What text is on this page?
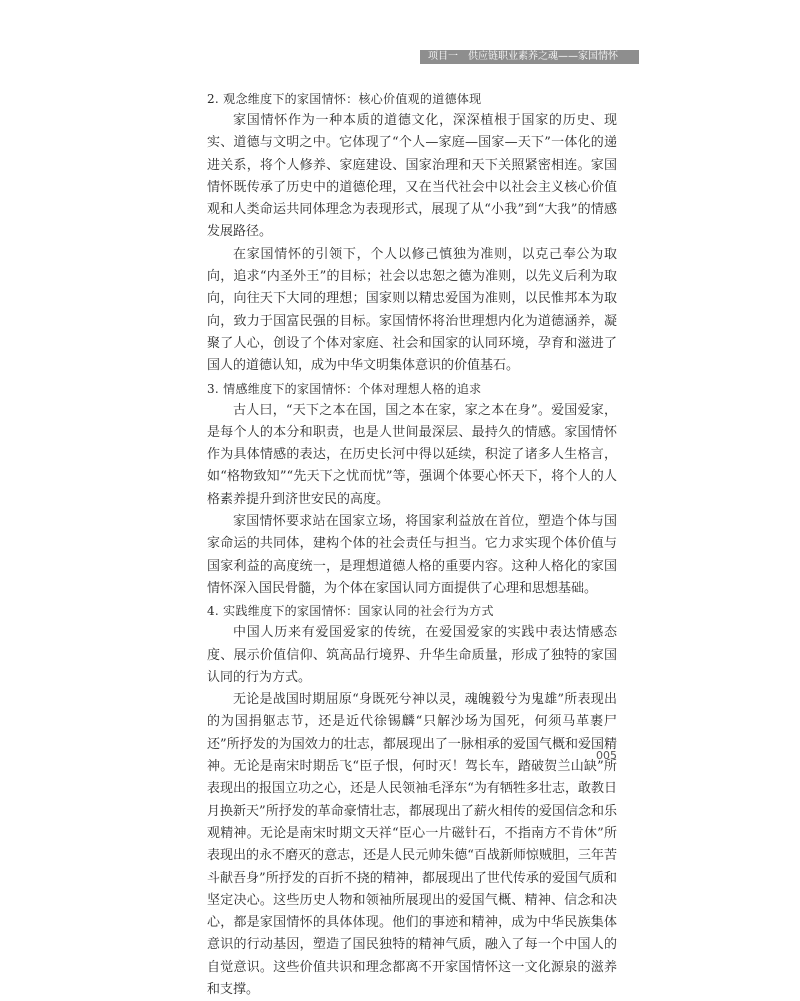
项目一　供应链职业素养之魂——家国情怀

2. 观念维度下的家国情怀：核心价值观的道德体现

家国情怀作为一种本质的道德文化，深深植根于国家的历史、现实、道德与文明之中。它体现了“个人—家庭—国家—天下”一体化的递进关系，将个人修养、家庭建设、国家治理和天下关照紧密相连。家国情怀既传承了历史中的道德伦理，又在当代社会中以社会主义核心价值观和人类命运共同体理念为表现形式，展现了从“小我”到“大我”的情感发展路径。

在家国情怀的引领下，个人以修己慎独为准则，以克己奉公为取向，追求“内圣外王”的目标；社会以忠恕之德为准则，以先义后利为取向，向往天下大同的理想；国家则以精忠爱国为准则，以民惟邦本为取向，致力于国富民强的目标。家国情怀将治世理想内化为道德涵养，凝聚了人心，创设了个体对家庭、社会和国家的认同环境，孕育和滋进了国人的道德认知，成为中华文明集体意识的价值基石。

3. 情感维度下的家国情怀：个体对理想人格的追求

古人曰，“天下之本在国，国之本在家，家之本在身”。爱国爱家，是每个人的本分和职责，也是人世间最深层、最持久的情感。家国情怀作为具体情感的表达，在历史长河中得以延续，积淀了诸多人生格言，如“格物致知”“先天下之忧而忧”等，强调个体要心怀天下，将个人的人格素养提升到济世安民的高度。

家国情怀要求站在国家立场，将国家利益放在首位，塑造个体与国家命运的共同体，建构个体的社会责任与担当。它力求实现个体价值与国家利益的高度统一，是理想道德人格的重要内容。这种人格化的家国情怀深入国民骨髓，为个体在家国认同方面提供了心理和思想基础。

4. 实践维度下的家国情怀：国家认同的社会行为方式

中国人历来有爱国爱家的传统，在爱国爱家的实践中表达情感态度、展示价值信仰、筑高品行境界、升华生命质量，形成了独特的家国认同的行为方式。

无论是战国时期屈原“身既死兮神以灵，魂魄毅兮为鬼雄”所表现出的为国捐躯志节，还是近代徐锡麟“只解沙场为国死，何须马革裹尸还”所抒发的为国效力的壮志，都展现出了一脉相承的爱国气概和爱国精神。无论是南宋时期岳飞“臣子恨，何时灭！驾长车，踏破贺兰山缺”所表现出的报国立功之心，还是人民领袖毛泽东“为有牺牲多壮志，敢教日月换新天”所抒发的革命豪情壮志，都展现出了薪火相传的爱国信念和乐观精神。无论是南宋时期文天祥“臣心一片磁针石，不指南方不肯休”所表现出的永不磨灭的意志，还是人民元帅朱德“百战新师惊贼胆，三年苦斗献吾身”所抒发的百折不挠的精神，都展现出了世代传承的爱国气质和坚定决心。这些历史人物和领袖所展现出的爱国气概、精神、信念和决心，都是家国情怀的具体体现。他们的事迹和精神，成为中华民族集体意识的行动基因，塑造了国民独特的精神气质，融入了每一个中国人的自觉意识。这些价值共识和理念都离不开家国情怀这一文化源泉的滋养和支撑。

005
